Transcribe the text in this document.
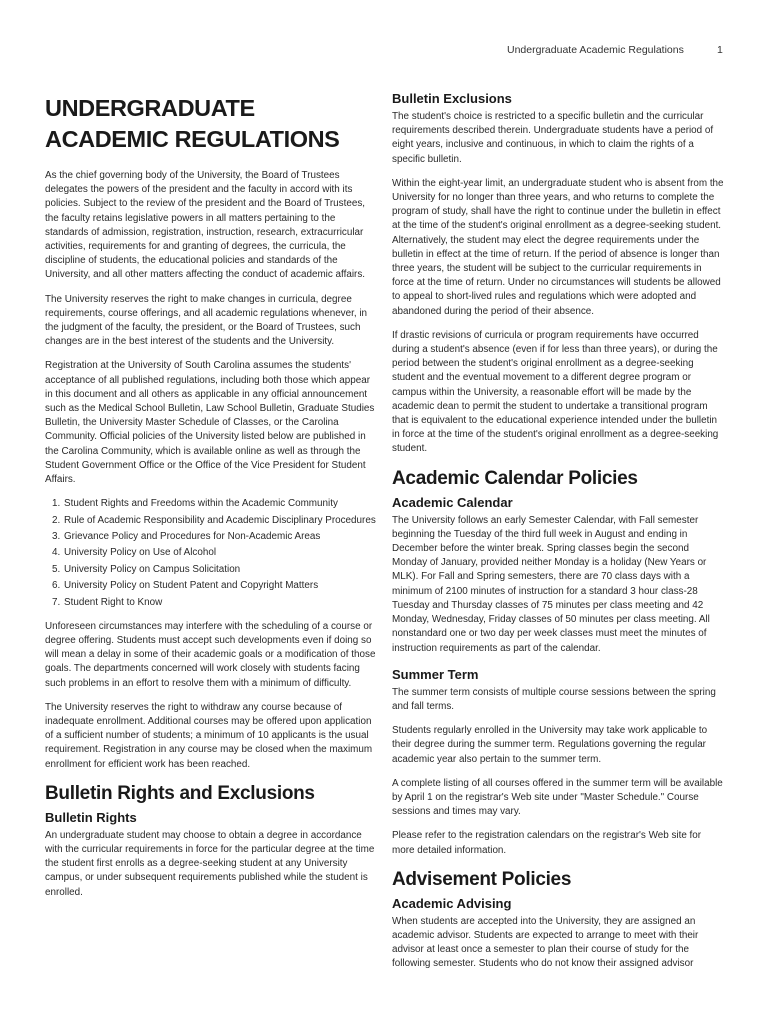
Undergraduate Academic Regulations	1
UNDERGRADUATE ACADEMIC REGULATIONS

As the chief governing body of the University, the Board of Trustees delegates the powers of the president and the faculty in accord with its policies. Subject to the review of the president and the Board of Trustees, the faculty retains legislative powers in all matters pertaining to the standards of admission, registration, instruction, research, extracurricular activities, requirements for and granting of degrees, the curricula, the discipline of students, the educational policies and standards of the University, and all other matters affecting the conduct of academic affairs.

The University reserves the right to make changes in curricula, degree requirements, course offerings, and all academic regulations whenever, in the judgment of the faculty, the president, or the Board of Trustees, such changes are in the best interest of the students and the University.

Registration at the University of South Carolina assumes the students' acceptance of all published regulations, including both those which appear in this document and all others as applicable in any official announcement such as the Medical School Bulletin, Law School Bulletin, Graduate Studies Bulletin, the University Master Schedule of Classes, or the Carolina Community. Official policies of the University listed below are published in the Carolina Community, which is available online as well as through the Student Government Office or the Office of the Vice President for Student Affairs.

1. Student Rights and Freedoms within the Academic Community
2. Rule of Academic Responsibility and Academic Disciplinary Procedures
3. Grievance Policy and Procedures for Non-Academic Areas
4. University Policy on Use of Alcohol
5. University Policy on Campus Solicitation
6. University Policy on Student Patent and Copyright Matters
7. Student Right to Know

Unforeseen circumstances may interfere with the scheduling of a course or degree offering. Students must accept such developments even if doing so will mean a delay in some of their academic goals or a modification of those goals. The departments concerned will work closely with students facing such problems in an effort to resolve them with a minimum of difficulty.

The University reserves the right to withdraw any course because of inadequate enrollment. Additional courses may be offered upon application of a sufficient number of students; a minimum of 10 applicants is the usual requirement. Registration in any course may be closed when the maximum enrollment for efficient work has been reached.

Bulletin Rights and Exclusions
Bulletin Rights

An undergraduate student may choose to obtain a degree in accordance with the curricular requirements in force for the particular degree at the time the student first enrolls as a degree-seeking student at any University campus, or under subsequent requirements published while the student is enrolled.

Bulletin Exclusions

The student's choice is restricted to a specific bulletin and the curricular requirements described therein. Undergraduate students have a period of eight years, inclusive and continuous, in which to claim the rights of a specific bulletin.

Within the eight-year limit, an undergraduate student who is absent from the University for no longer than three years, and who returns to complete the program of study, shall have the right to continue under the bulletin in effect at the time of the student's original enrollment as a degree-seeking student. Alternatively, the student may elect the degree requirements under the bulletin in effect at the time of return. If the period of absence is longer than three years, the student will be subject to the curricular requirements in force at the time of return. Under no circumstances will students be allowed to appeal to short-lived rules and regulations which were adopted and abandoned during the period of their absence.

If drastic revisions of curricula or program requirements have occurred during a student's absence (even if for less than three years), or during the period between the student's original enrollment as a degree-seeking student and the eventual movement to a different degree program or campus within the University, a reasonable effort will be made by the academic dean to permit the student to undertake a transitional program that is equivalent to the educational experience intended under the bulletin in force at the time of the student's original enrollment as a degree-seeking student.

Academic Calendar Policies
Academic Calendar

The University follows an early Semester Calendar, with Fall semester beginning the Tuesday of the third full week in August and ending in December before the winter break. Spring classes begin the second Monday of January, provided neither Monday is a holiday (New Years or MLK). For Fall and Spring semesters, there are 70 class days with a minimum of 2100 minutes of instruction for a standard 3 hour class-28 Tuesday and Thursday classes of 75 minutes per class meeting and 42 Monday, Wednesday, Friday classes of 50 minutes per class meeting. All nonstandard one or two day per week classes must meet the minutes of instruction requirements as part of the calendar.

Summer Term

The summer term consists of multiple course sessions between the spring and fall terms.

Students regularly enrolled in the University may take work applicable to their degree during the summer term. Regulations governing the regular academic year also pertain to the summer term.

A complete listing of all courses offered in the summer term will be available by April 1 on the registrar's Web site under "Master Schedule." Course sessions and times may vary.

Please refer to the registration calendars on the registrar's Web site for more detailed information.

Advisement Policies
Academic Advising

When students are accepted into the University, they are assigned an academic advisor. Students are expected to arrange to meet with their advisor at least once a semester to plan their course of study for the following semester. Students who do not know their assigned advisor
